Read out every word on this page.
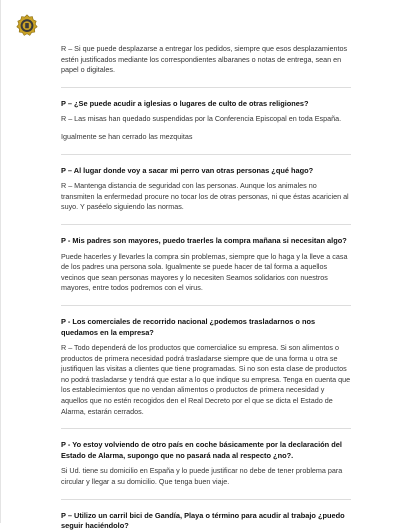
R – Si que puede desplazarse a entregar los pedidos, siempre que esos desplazamientos estén justificados mediante los correspondientes albaranes o notas de entrega, sean en papel o digitales.

P – ¿Se puede acudir a iglesias o lugares de culto de otras religiones?

R – Las misas han quedado suspendidas por la Conferencia Episcopal en toda España.

Igualmente se han cerrado las mezquitas

P – Al lugar donde voy a sacar mi perro van otras personas ¿qué hago?

R – Mantenga distancia de seguridad con las personas. Aunque los animales no transmiten la enfermedad procure no tocar los de otras personas, ni que éstas acaricien al suyo. Y paséelo siguiendo las normas.

P - Mis padres son mayores, puedo traerles la compra mañana si necesitan algo?

Puede hacerles y llevarles la compra sin problemas, siempre que lo haga y la lleve a casa de los padres una persona sola. Igualmente se puede hacer de tal forma a aquellos vecinos que sean personas mayores y lo necesiten Seamos solidarios con nuestros mayores, entre todos podremos con el virus.

P - Los comerciales de recorrido nacional ¿podemos trasladarnos o nos quedamos en la empresa?

R – Todo dependerá de los productos que comercialice su empresa. Si son alimentos o productos de primera necesidad podrá trasladarse siempre que de una forma u otra se justifiquen las visitas a clientes que tiene programadas. Si no son esta clase de productos no podrá trasladarse y tendrá que estar a lo que indique su empresa. Tenga en cuenta que los establecimientos que no vendan alimentos o productos de primera necesidad y aquellos que no estén recogidos den el Real Decreto por el que se dicta el Estado de Alarma, estarán cerrados.

P - Yo estoy volviendo de otro país en coche básicamente por la declaración del Estado de Alarma, supongo que no pasará nada al respecto ¿no?.

Si Ud. tiene su domicilio en España y lo puede justificar no debe de tener problema para circular y llegar a su domicilio. Que tenga buen viaje.

P – Utilizo un carril bici de Gandía, Playa o término para acudir al trabajo ¿puedo seguir haciéndolo?
